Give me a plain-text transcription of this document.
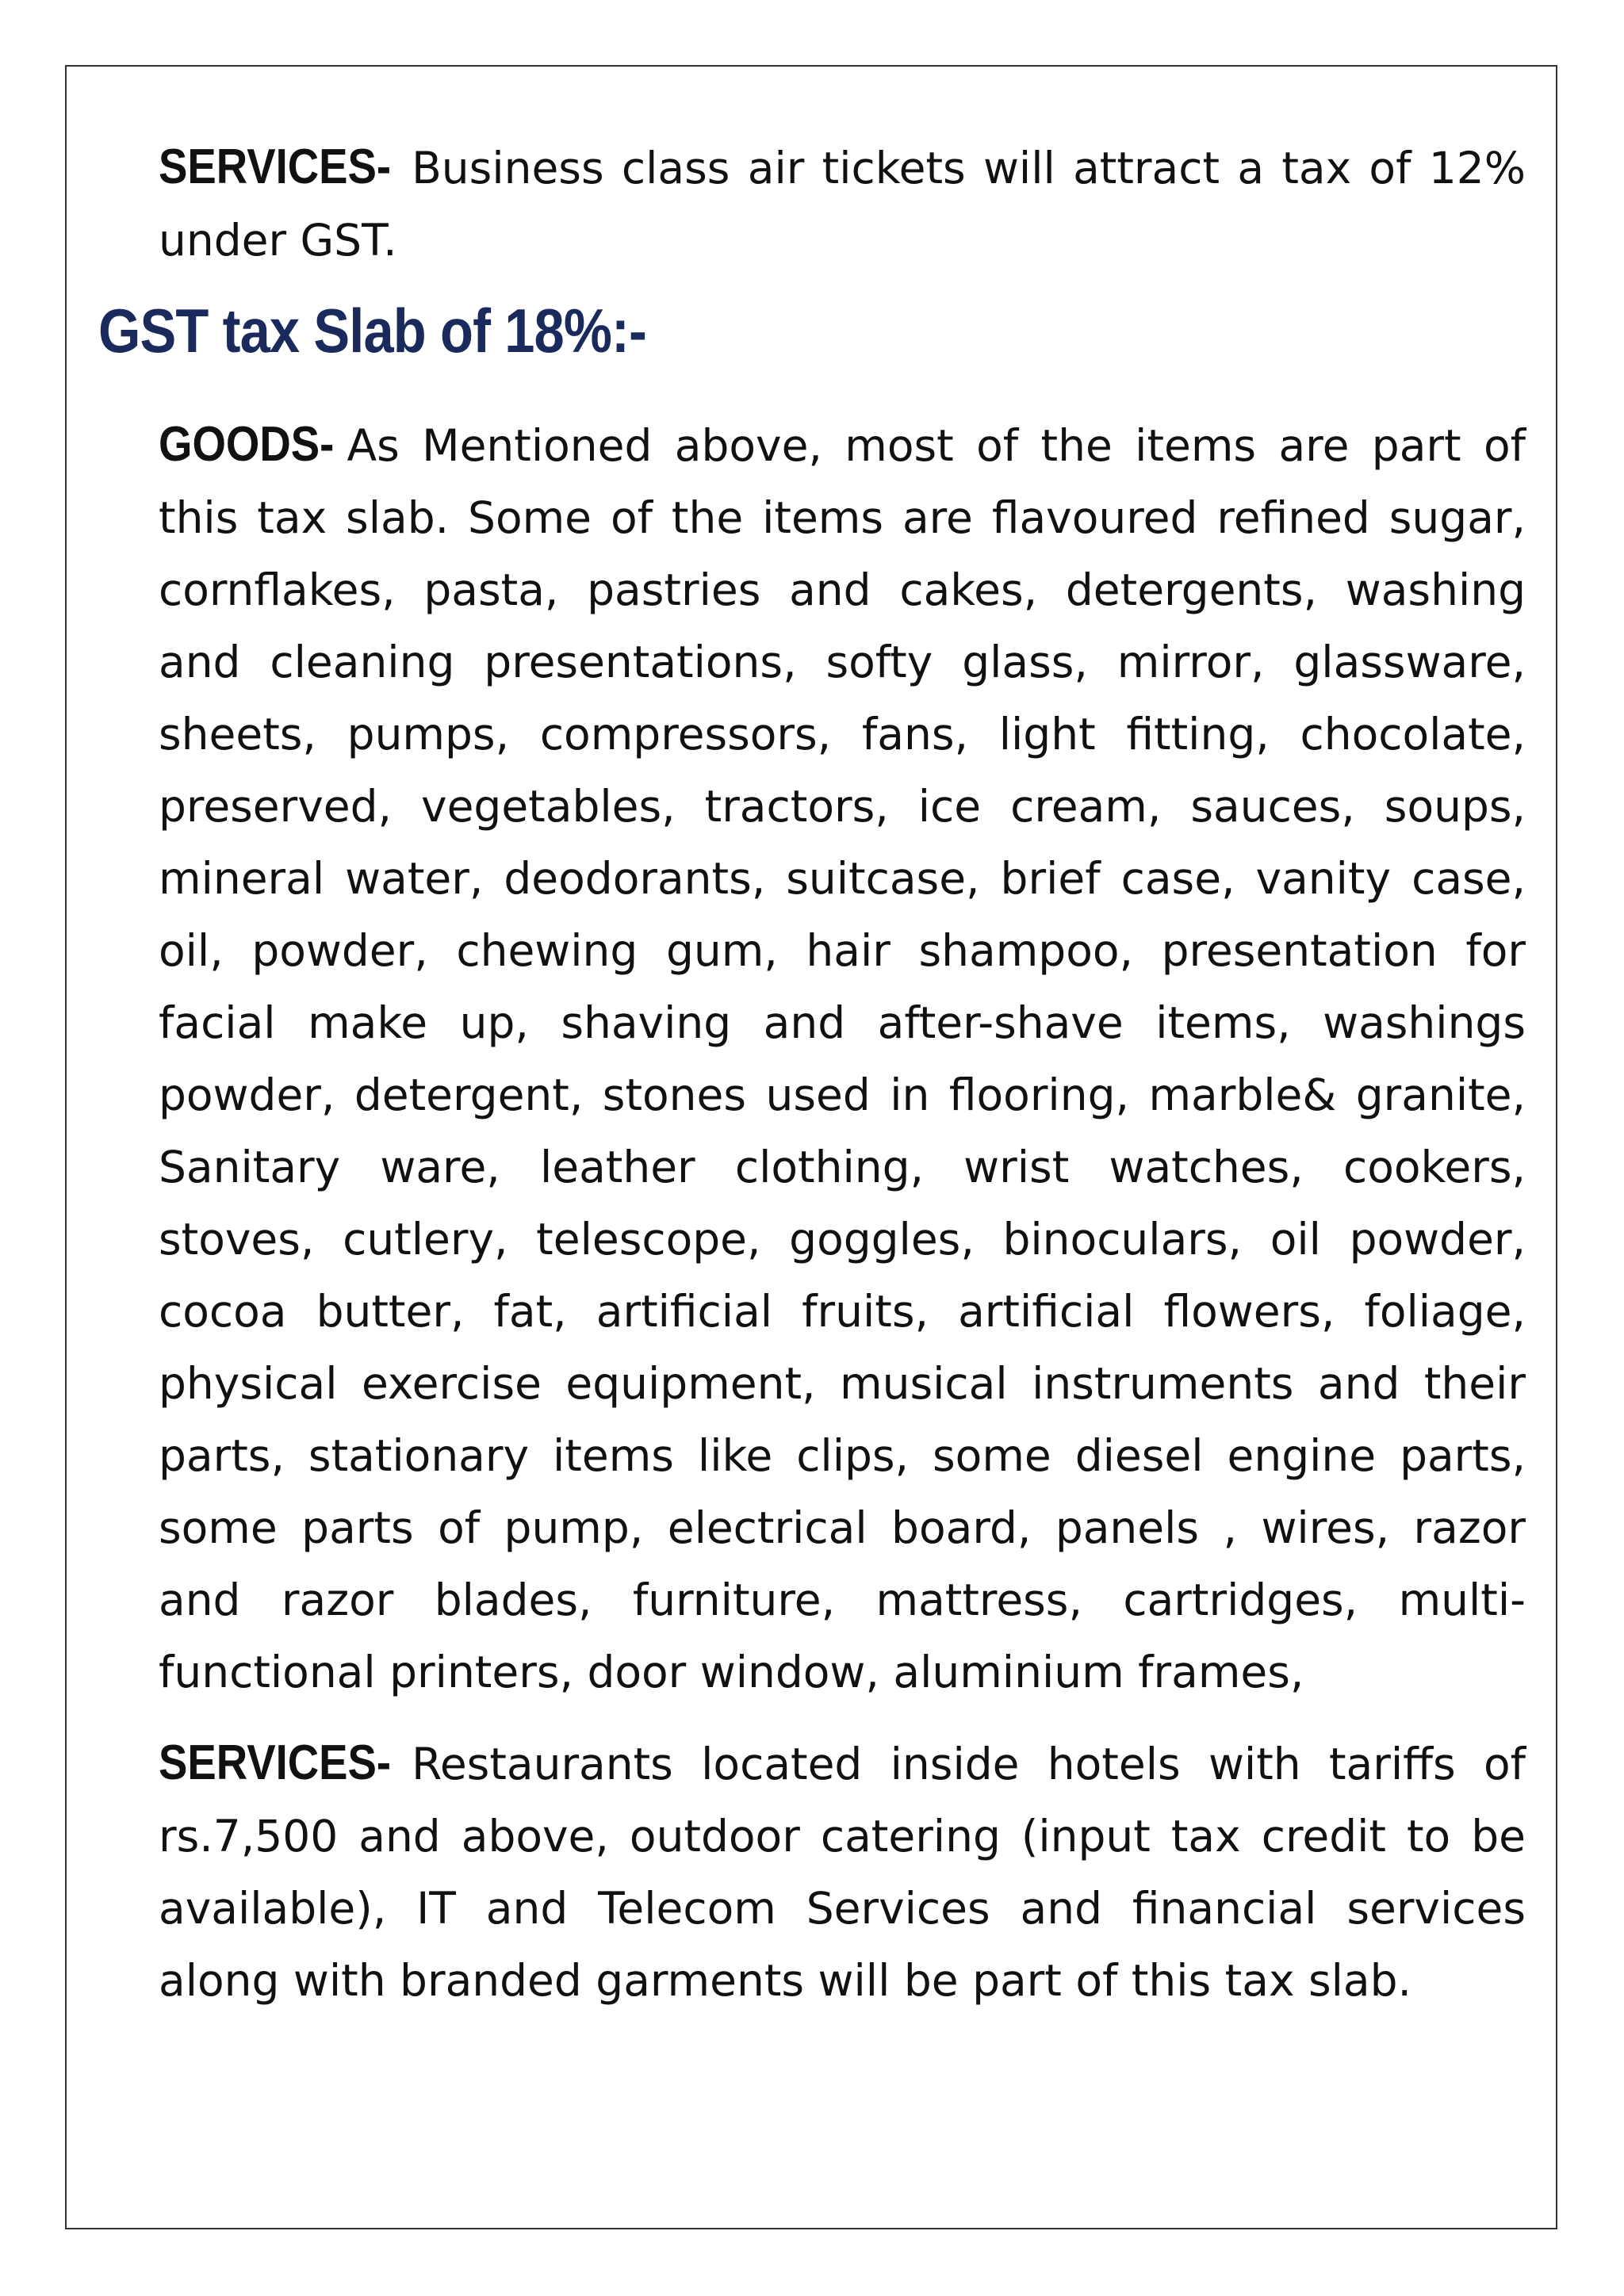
SERVICES- Business class air tickets will attract a tax of 12% under GST.

GST tax Slab of 18%:-

GOODS- As Mentioned above, most of the items are part of this tax slab. Some of the items are flavoured refined sugar, cornflakes, pasta, pastries and cakes, detergents, washing and cleaning presentations, softy glass, mirror, glassware, sheets, pumps, compressors, fans, light fitting, chocolate, preserved, vegetables, tractors, ice cream, sauces, soups, mineral water, deodorants, suitcase, brief case, vanity case, oil, powder, chewing gum, hair shampoo, presentation for facial make up, shaving and after-shave items, washings powder, detergent, stones used in flooring, marble& granite, Sanitary ware, leather clothing, wrist watches, cookers, stoves, cutlery, telescope, goggles, binoculars, oil powder, cocoa butter, fat, artificial fruits, artificial flowers, foliage, physical exercise equipment, musical instruments and their parts, stationary items like clips, some diesel engine parts, some parts of pump, electrical board, panels , wires, razor and razor blades, furniture, mattress, cartridges, multi-functional printers, door window, aluminium frames,

SERVICES- Restaurants located inside hotels with tariffs of rs.7,500 and above, outdoor catering (input tax credit to be available), IT and Telecom Services and financial services along with branded garments will be part of this tax slab.
